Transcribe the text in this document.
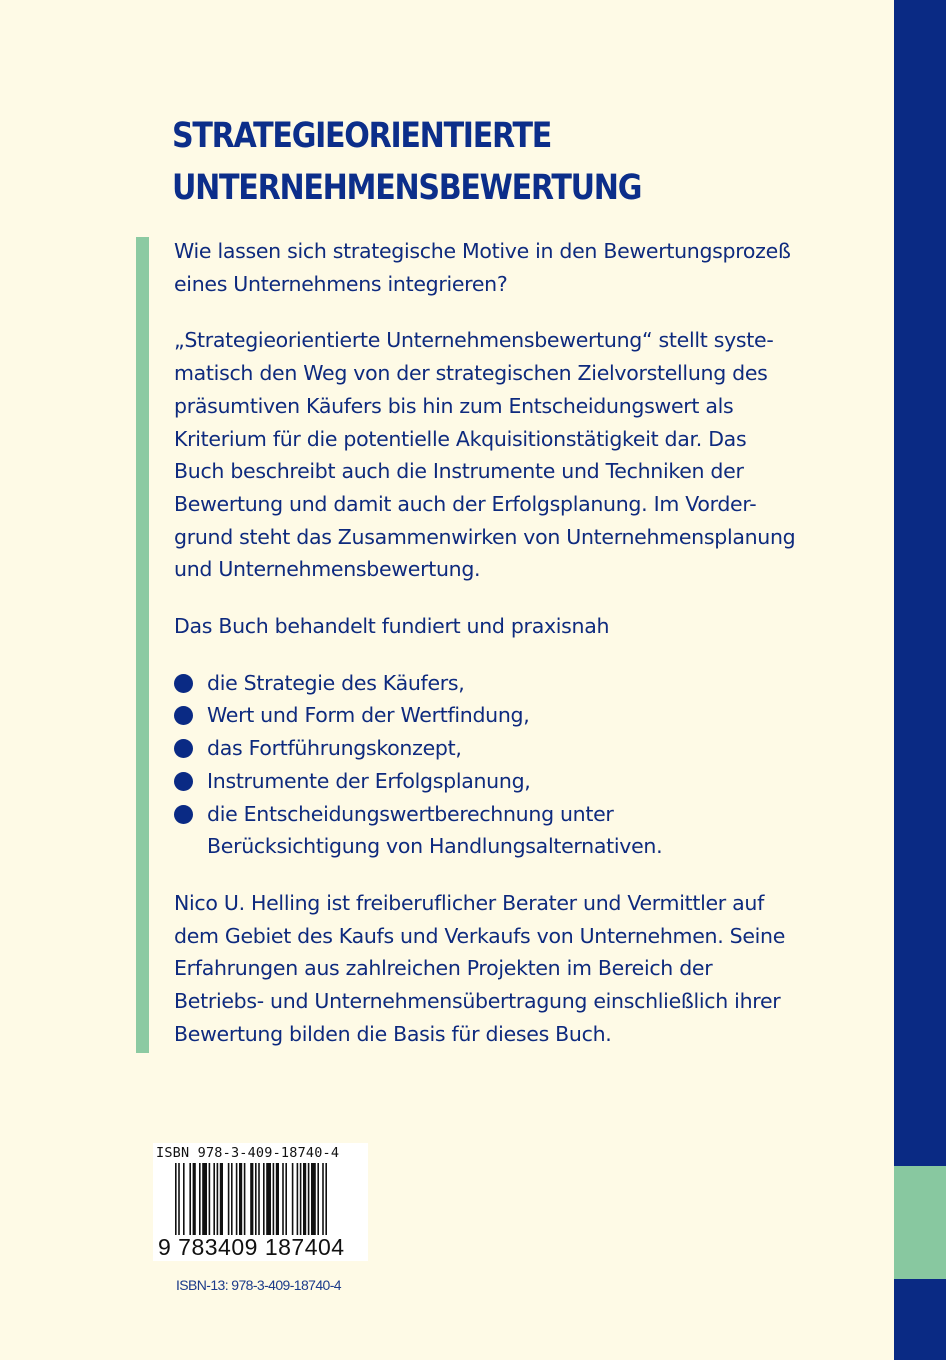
STRATEGIEORIENTIERTE
UNTERNEHMENSBEWERTUNG
Wie lassen sich strategische Motive in den Bewertungsprozeß
eines Unternehmens integrieren?
„Strategieorientierte Unternehmensbewertung“ stellt syste-
matisch den Weg von der strategischen Zielvorstellung des
präsumtiven Käufers bis hin zum Entscheidungswert als
Kriterium für die potentielle Akquisitionstätigkeit dar. Das
Buch beschreibt auch die Instrumente und Techniken der
Bewertung und damit auch der Erfolgsplanung. Im Vorder-
grund steht das Zusammenwirken von Unternehmensplanung
und Unternehmensbewertung.
Das Buch behandelt fundiert und praxisnah
die Strategie des Käufers,
Wert und Form der Wertfindung,
das Fortführungskonzept,
Instrumente der Erfolgsplanung,
die Entscheidungswertberechnung unter
Berücksichtigung von Handlungsalternativen.
Nico U. Helling ist freiberuflicher Berater und Vermittler auf
dem Gebiet des Kaufs und Verkaufs von Unternehmen. Seine
Erfahrungen aus zahlreichen Projekten im Bereich der
Betriebs- und Unternehmensübertragung einschließlich ihrer
Bewertung bilden die Basis für dieses Buch.
ISBN 978-3-409-18740-4
9 783409 187404
ISBN-13: 978-3-409-18740-4
